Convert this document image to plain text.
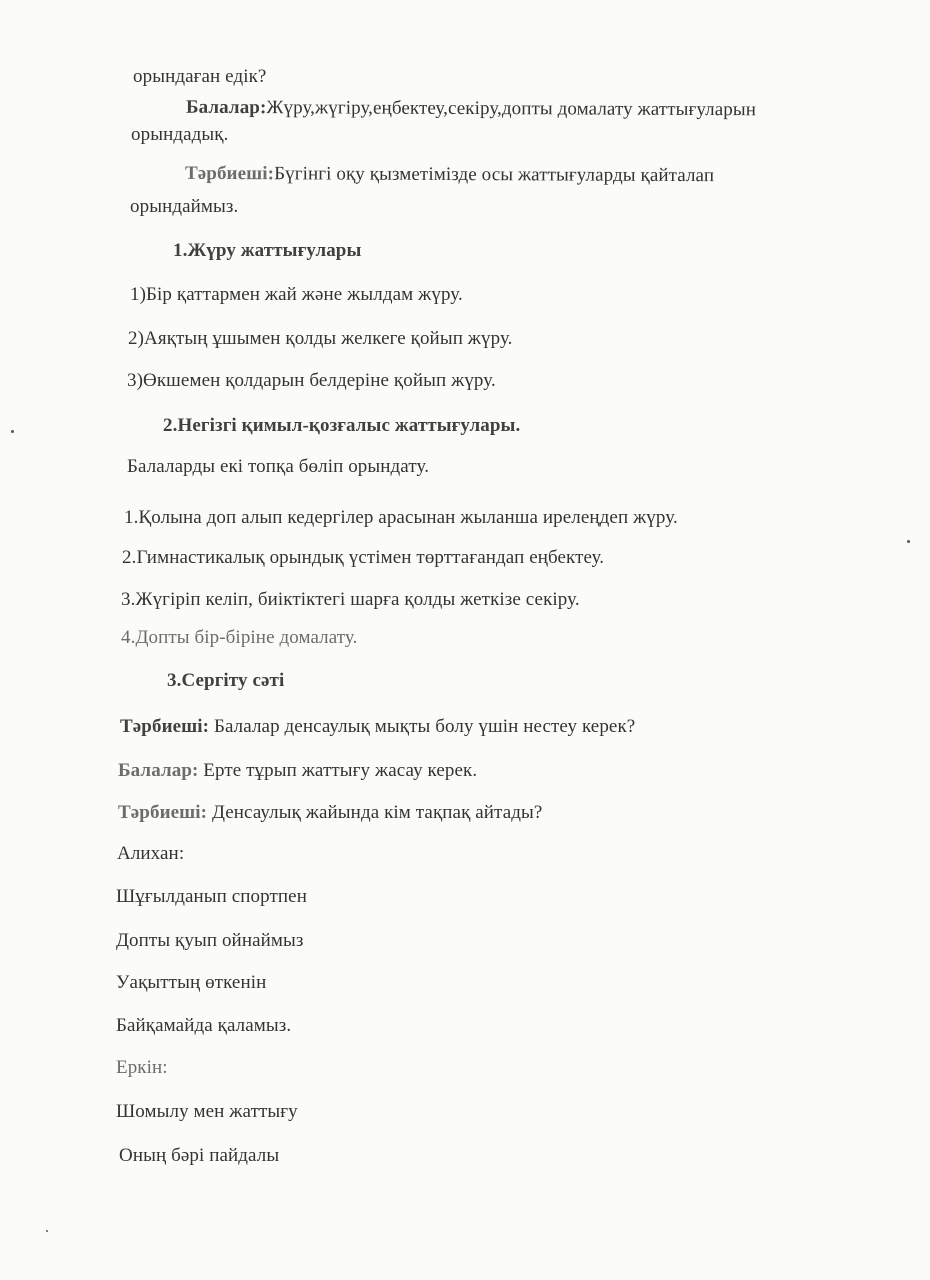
орындаған едік?
Балалар:Жүру,жүгіру,еңбектеу,секіру,допты домалату жаттығуларын
орындадық.
Тәрбиеші:Бүгінгі оқу қызметімізде осы жаттығуларды қайталап
орындаймыз.
1.Жүру жаттығулары
1)Бір қаттармен жай және жылдам жүру.
2)Аяқтың ұшымен қолды желкеге қойып жүру.
3)Өкшемен қолдарын белдеріне қойып жүру.
2.Негізгі қимыл-қозғалыс жаттығулары.
Балаларды екі топқа бөліп орындату.
1.Қолына доп алып кедергілер арасынан жыланша ирелеңдеп жүру.
2.Гимнастикалық орындық үстімен төрттағандап еңбектеу.
3.Жүгіріп келіп, биіктіктегі шарға қолды жеткізе секіру.
4.Допты бір-біріне домалату.
3.Сергіту сәті
Тәрбиеші: Балалар денсаулық мықты болу үшін нестеу керек?
Балалар: Ерте тұрып жаттығу жасау керек.
Тәрбиеші: Денсаулық жайында кім тақпақ айтады?
Алихан:
Шұғылданып спортпен
Допты қуып ойнаймыз
Уақыттың өткенін
Байқамайда қаламыз.
Еркін:
Шомылу мен жаттығу
Оның бәрі пайдалы
